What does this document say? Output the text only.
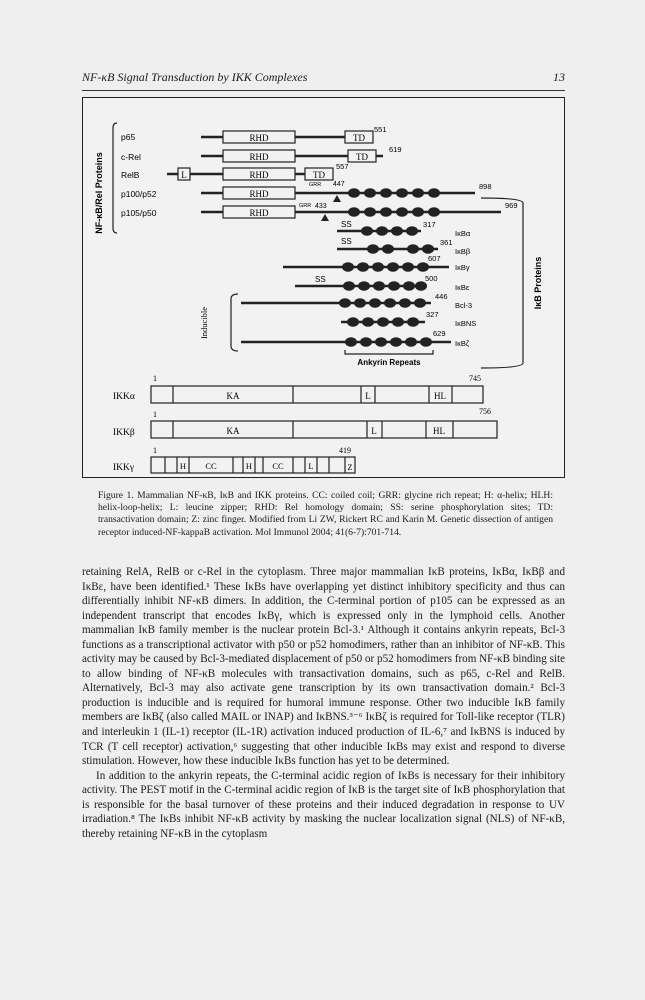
NF-κB Signal Transduction by IKK Complexes	13
NF-κB/Rel Proteins
p65
c-Rel
RelB
p100/p52
p105/p50
RHD	TD
551
RHD	TD
619
L	RHD	TD
557
RHD
GRR 447	898
RHD
GRR 433	969
IκB Proteins
SS	317
IκBα
SS	361
IκBβ
607
IκBγ
SS	500
IκBε
Inducible
446
Bcl-3
327
IκBNS
629
IκBζ
Ankyrin Repeats
IKKα
1	745
KA	L	HL
IKKβ
1	756
KA	L	HL
IKKγ
1	419
H CC	H CC	L	Z
Figure 1. Mammalian NF-κB, IκB and IKK proteins. CC: coiled coil; GRR: glycine rich repeat; H: α-helix; HLH: helix-loop-helix; L: leucine zipper; RHD: Rel homology domain; SS: serine phosphorylation sites; TD: transactivation domain; Z: zinc finger. Modified from Li ZW, Rickert RC and Karin M. Genetic dissection of antigen receptor induced-NF-kappaB activation. Mol Immunol 2004; 41(6-7):701-714.

retaining RelA, RelB or c-Rel in the cytoplasm. Three major mammalian IκB proteins, IκBα, IκBβ and IκBε, have been identified.¹ These IκBs have overlapping yet distinct inhibitory specificity and thus can differentially inhibit NF-κB dimers. In addition, the C-terminal portion of p105 can be expressed as an independent transcript that encodes IκBγ, which is expressed only in the lymphoid cells. Another mammalian IκB family member is the nuclear protein Bcl-3.¹ Although it contains ankyrin repeats, Bcl-3 functions as a transcriptional activator with p50 or p52 homodimers, rather than an inhibitor of NF-κB. This activity may be caused by Bcl-3-mediated displacement of p50 or p52 homodimers from NF-κB binding site to allow binding of NF-κB molecules with transactivation domains, such as p65, c-Rel and RelB. Alternatively, Bcl-3 may also activate gene transcription by its own transactivation domain.² Bcl-3 production is inducible and is required for humoral immune response. Other two inducible IκB family members are IκBζ (also called MAIL or INAP) and IκBNS.³⁻⁶ IκBζ is required for Toll-like receptor (TLR) and interleukin 1 (IL-1) receptor (IL-1R) activation induced production of IL-6,⁷ and IκBNS is induced by TCR (T cell receptor) activation,⁶ suggesting that other inducible IκBs may exist and respond to diverse stimulation. However, how these inducible IκBs function has yet to be determined.

In addition to the ankyrin repeats, the C-terminal acidic region of IκBs is necessary for their inhibitory activity. The PEST motif in the C-terminal acidic region of IκB is the target site of IκB phosphorylation that is responsible for the basal turnover of these proteins and their induced degradation in response to UV irradiation.⁸ The IκBs inhibit NF-κB activity by masking the nuclear localization signal (NLS) of NF-κB, thereby retaining NF-κB in the cytoplasm
